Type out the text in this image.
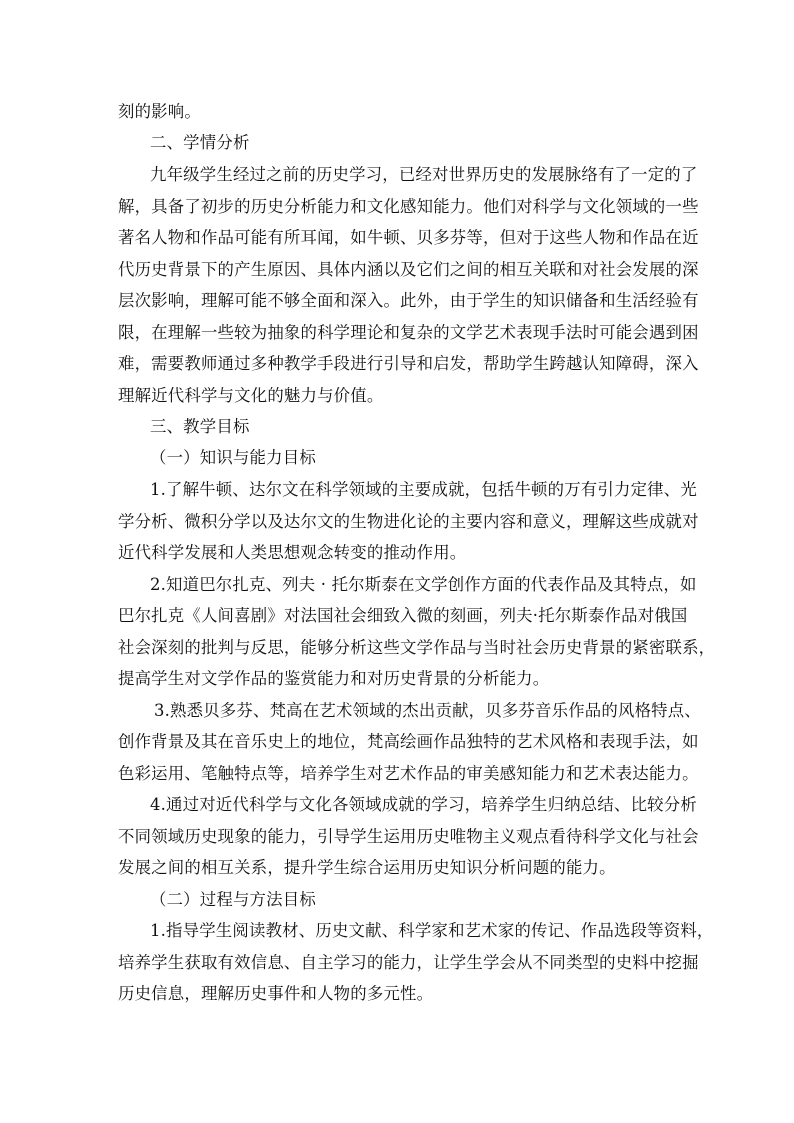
刻的影响。
二、学情分析
九年级学生经过之前的历史学习，已经对世界历史的发展脉络有了一定的了
解，具备了初步的历史分析能力和文化感知能力。他们对科学与文化领域的一些
著名人物和作品可能有所耳闻，如牛顿、贝多芬等，但对于这些人物和作品在近
代历史背景下的产生原因、具体内涵以及它们之间的相互关联和对社会发展的深
层次影响，理解可能不够全面和深入。此外，由于学生的知识储备和生活经验有
限，在理解一些较为抽象的科学理论和复杂的文学艺术表现手法时可能会遇到困
难，需要教师通过多种教学手段进行引导和启发，帮助学生跨越认知障碍，深入
理解近代科学与文化的魅力与价值。
三、教学目标
（一）知识与能力目标
1.了解牛顿、达尔文在科学领域的主要成就，包括牛顿的万有引力定律、光
学分析、微积分学以及达尔文的生物进化论的主要内容和意义，理解这些成就对
近代科学发展和人类思想观念转变的推动作用。
2.知道巴尔扎克、列夫 · 托尔斯泰在文学创作方面的代表作品及其特点，如
巴尔扎克《人间喜剧》对法国社会细致入微的刻画，列夫·托尔斯泰作品对俄国
社会深刻的批判与反思，能够分析这些文学作品与当时社会历史背景的紧密联系，
提高学生对文学作品的鉴赏能力和对历史背景的分析能力。
3.熟悉贝多芬、梵高在艺术领域的杰出贡献，贝多芬音乐作品的风格特点、
创作背景及其在音乐史上的地位，梵高绘画作品独特的艺术风格和表现手法，如
色彩运用、笔触特点等，培养学生对艺术作品的审美感知能力和艺术表达能力。
4.通过对近代科学与文化各领域成就的学习，培养学生归纳总结、比较分析
不同领域历史现象的能力，引导学生运用历史唯物主义观点看待科学文化与社会
发展之间的相互关系，提升学生综合运用历史知识分析问题的能力。
（二）过程与方法目标
1.指导学生阅读教材、历史文献、科学家和艺术家的传记、作品选段等资料，
培养学生获取有效信息、自主学习的能力，让学生学会从不同类型的史料中挖掘
历史信息，理解历史事件和人物的多元性。
